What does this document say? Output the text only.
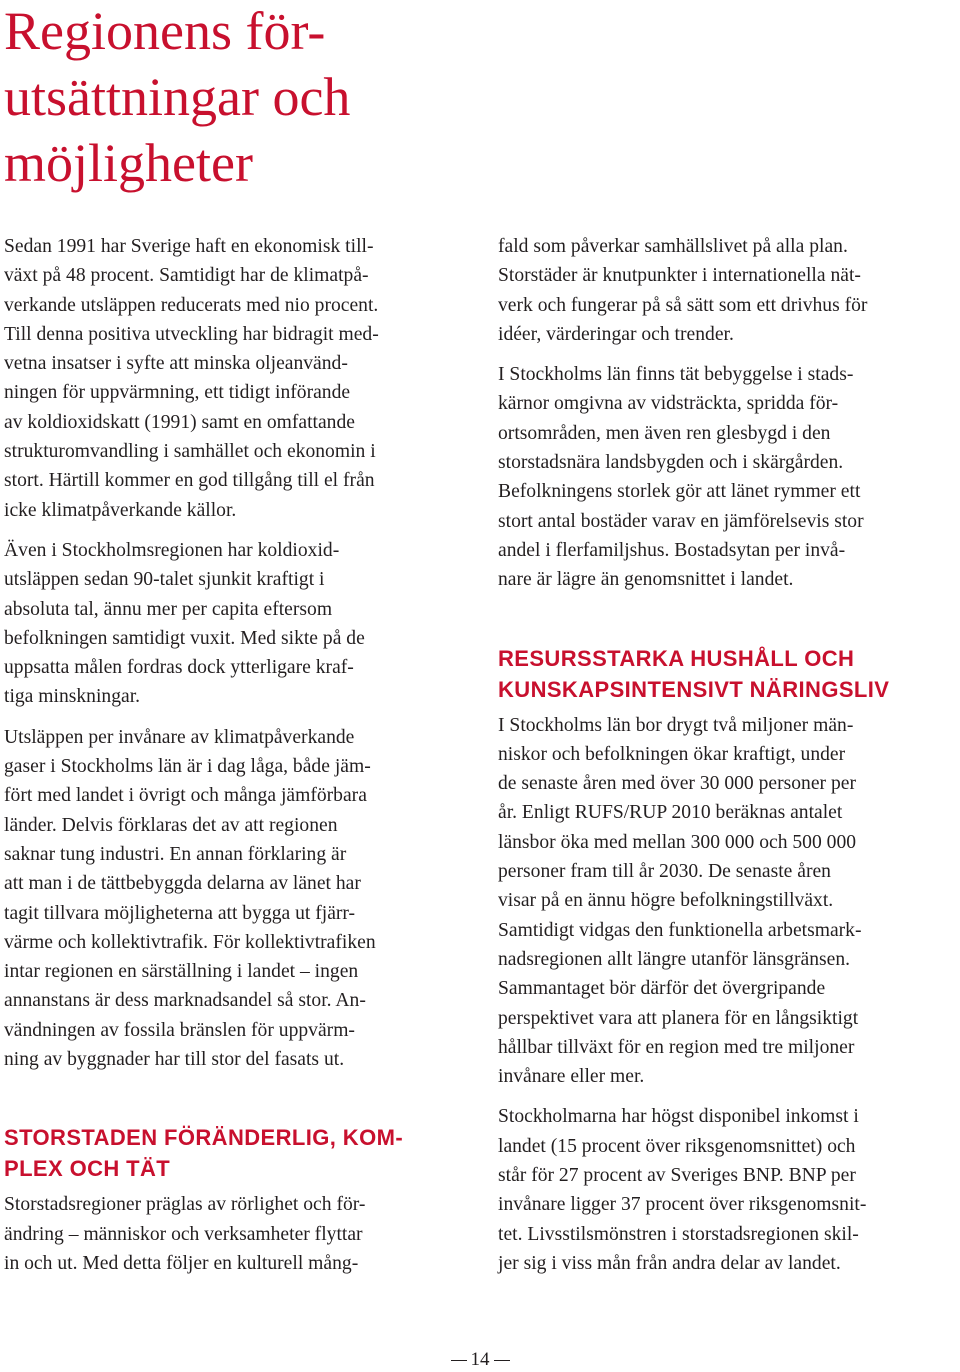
Regionens för-
utsättningar och
möjligheter

Sedan 1991 har Sverige haft en ekonomisk till-
växt på 48 procent. Samtidigt har de klimatpå-
verkande utsläppen reducerats med nio procent.
Till denna positiva utveckling har bidragit med-
vetna insatser i syfte att minska oljeanvänd-
ningen för uppvärmning, ett tidigt införande
av koldioxidskatt (1991) samt en omfattande
strukturomvandling i samhället och ekonomin i
stort. Härtill kommer en god tillgång till el från
icke klimatpåverkande källor.

Även i Stockholmsregionen har koldioxid-
utsläppen sedan 90-talet sjunkit kraftigt i
absoluta tal, ännu mer per capita eftersom
befolkningen samtidigt vuxit. Med sikte på de
uppsatta målen fordras dock ytterligare kraf-
tiga minskningar.

Utsläppen per invånare av klimatpåverkande
gaser i Stockholms län är i dag låga, både jäm-
fört med landet i övrigt och många jämförbara
länder. Delvis förklaras det av att regionen
saknar tung industri. En annan förklaring är
att man i de tättbebyggda delarna av länet har
tagit tillvara möjligheterna att bygga ut fjärr-
värme och kollektivtrafik. För kollektivtrafiken
intar regionen en särställning i landet – ingen
annanstans är dess marknadsandel så stor. An-
vändningen av fossila bränslen för uppvärm-
ning av byggnader har till stor del fasats ut.

STORSTADEN FÖRÄNDERLIG, KOM-
PLEX OCH TÄT

Storstadsregioner präglas av rörlighet och för-
ändring – människor och verksamheter flyttar
in och ut. Med detta följer en kulturell mång-

fald som påverkar samhällslivet på alla plan.
Storstäder är knutpunkter i internationella nät-
verk och fungerar på så sätt som ett drivhus för
idéer, värderingar och trender.

I Stockholms län finns tät bebyggelse i stads-
kärnor omgivna av vidsträckta, spridda för-
ortsområden, men även ren glesbygd i den
storstadsnära landsbygden och i skärgården.
Befolkningens storlek gör att länet rymmer ett
stort antal bostäder varav en jämförelsevis stor
andel i flerfamiljshus. Bostadsytan per invå-
nare är lägre än genomsnittet i landet.

RESURSSTARKA HUSHÅLL OCH
KUNSKAPSINTENSIVT NÄRINGSLIV

I Stockholms län bor drygt två miljoner män-
niskor och befolkningen ökar kraftigt, under
de senaste åren med över 30 000 personer per
år. Enligt RUFS/RUP 2010 beräknas antalet
länsbor öka med mellan 300 000 och 500 000
personer fram till år 2030. De senaste åren
visar på en ännu högre befolkningstillväxt.
Samtidigt vidgas den funktionella arbetsmark-
nadsregionen allt längre utanför länsgränsen.
Sammantaget bör därför det övergripande
perspektivet vara att planera för en långsiktigt
hållbar tillväxt för en region med tre miljoner
invånare eller mer.

Stockholmarna har högst disponibel inkomst i
landet (15 procent över riksgenomsnittet) och
står för 27 procent av Sveriges BNP. BNP per
invånare ligger 37 procent över riksgenomsnit-
tet. Livsstilsmönstren i storstadsregionen skil-
jer sig i viss mån från andra delar av landet.

14
